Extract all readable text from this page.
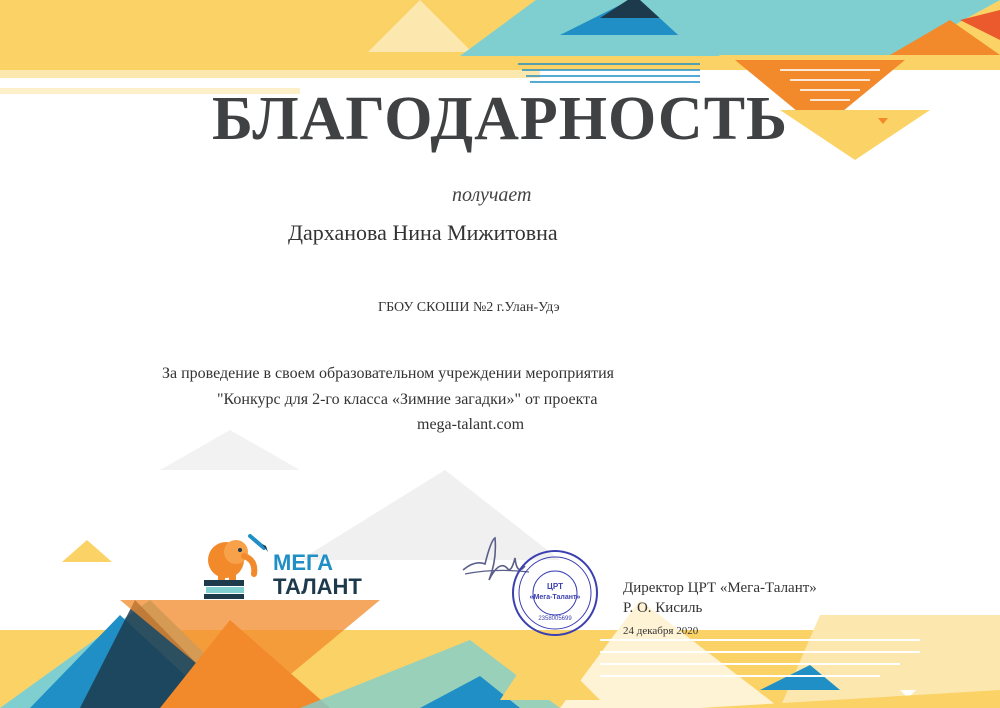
БЛАГОДАРНОСТЬ
получает
Дарханова Нина Мижитовна
ГБОУ СКОШИ №2 г.Улан-Удэ
За проведение в своем образовательном учреждении мероприятия
"Конкурс для 2-го класса «Зимние загадки»" от проекта
mega-talant.com
МЕГА
ТАЛАНТ	ЦРТ
«Мега-Талант»
2358005699
Директор ЦРТ «Мега-Талант»
Р. О. Кисиль
24 декабря 2020
